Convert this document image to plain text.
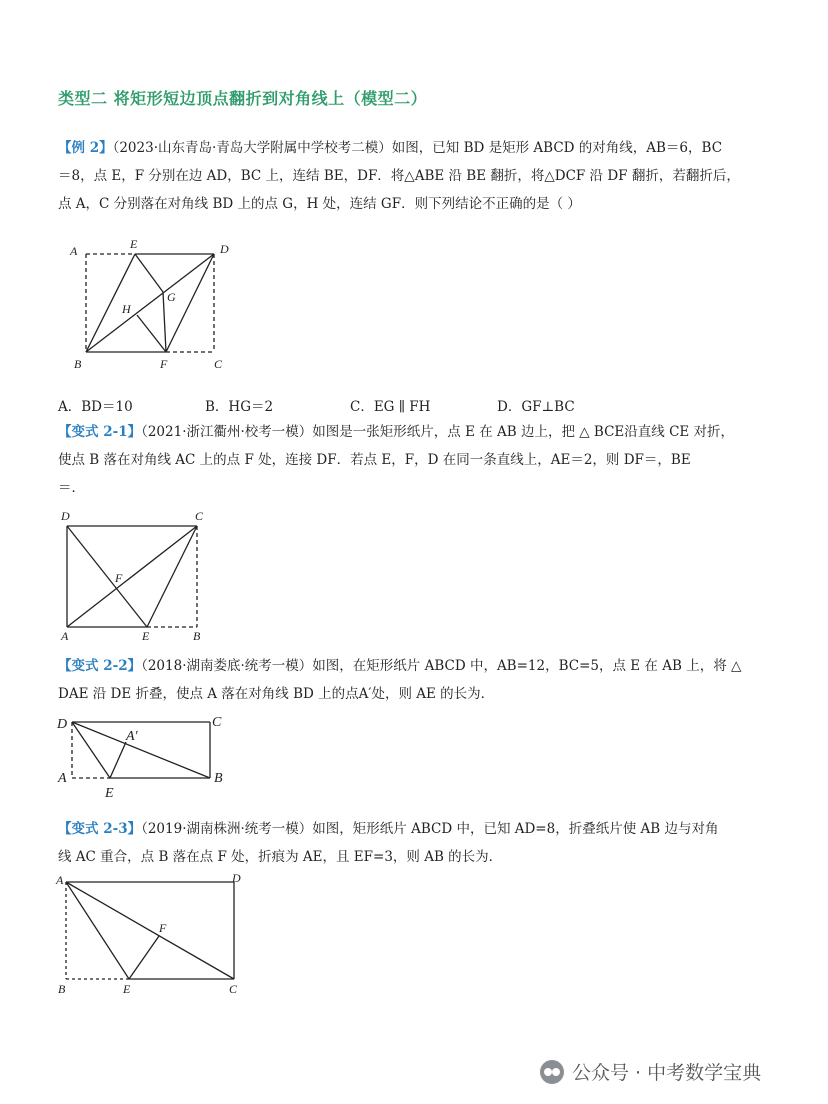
类型二 将矩形短边顶点翻折到对角线上（模型二）
【例 2】（2023·山东青岛·青岛大学附属中学校考二模）如图，已知 BD 是矩形 ABCD 的对角线，AB＝6，BC
＝8，点 E，F 分别在边 AD，BC 上，连结 BE，DF．将△ABE 沿 BE 翻折，将△DCF 沿 DF 翻折，若翻折后，
点 A，C 分别落在对角线 BD 上的点 G，H 处，连结 GF．则下列结论不正确的是（ ）
A	E	D
G
H
B	F	C
A．BD＝10	B．HG＝2	C．EG ∥ FH	D．GF⊥BC
【变式 2-1】（2021·浙江衢州·校考一模）如图是一张矩形纸片，点 E 在 AB 边上，把 △ BCE沿直线 CE 对折，
使点 B 落在对角线 AC 上的点 F 处，连接 DF．若点 E，F，D 在同一条直线上，AE＝2，则 DF＝，BE
＝．
D	C
F
A	E	B
【变式 2-2】（2018·湖南娄底·统考一模）如图，在矩形纸片 ABCD 中，AB=12，BC=5，点 E 在 AB 上，将 △
DAE 沿 DE 折叠，使点 A 落在对角线 BD 上的点A′处，则 AE 的长为．
D	C
A′
A	B
E
【变式 2-3】（2019·湖南株洲·统考一模）如图，矩形纸片 ABCD 中，已知 AD=8，折叠纸片使 AB 边与对角
线 AC 重合，点 B 落在点 F 处，折痕为 AE，且 EF=3，则 AB 的长为．
A	D
F
B	E	C
公众号 · 中考数学宝典
